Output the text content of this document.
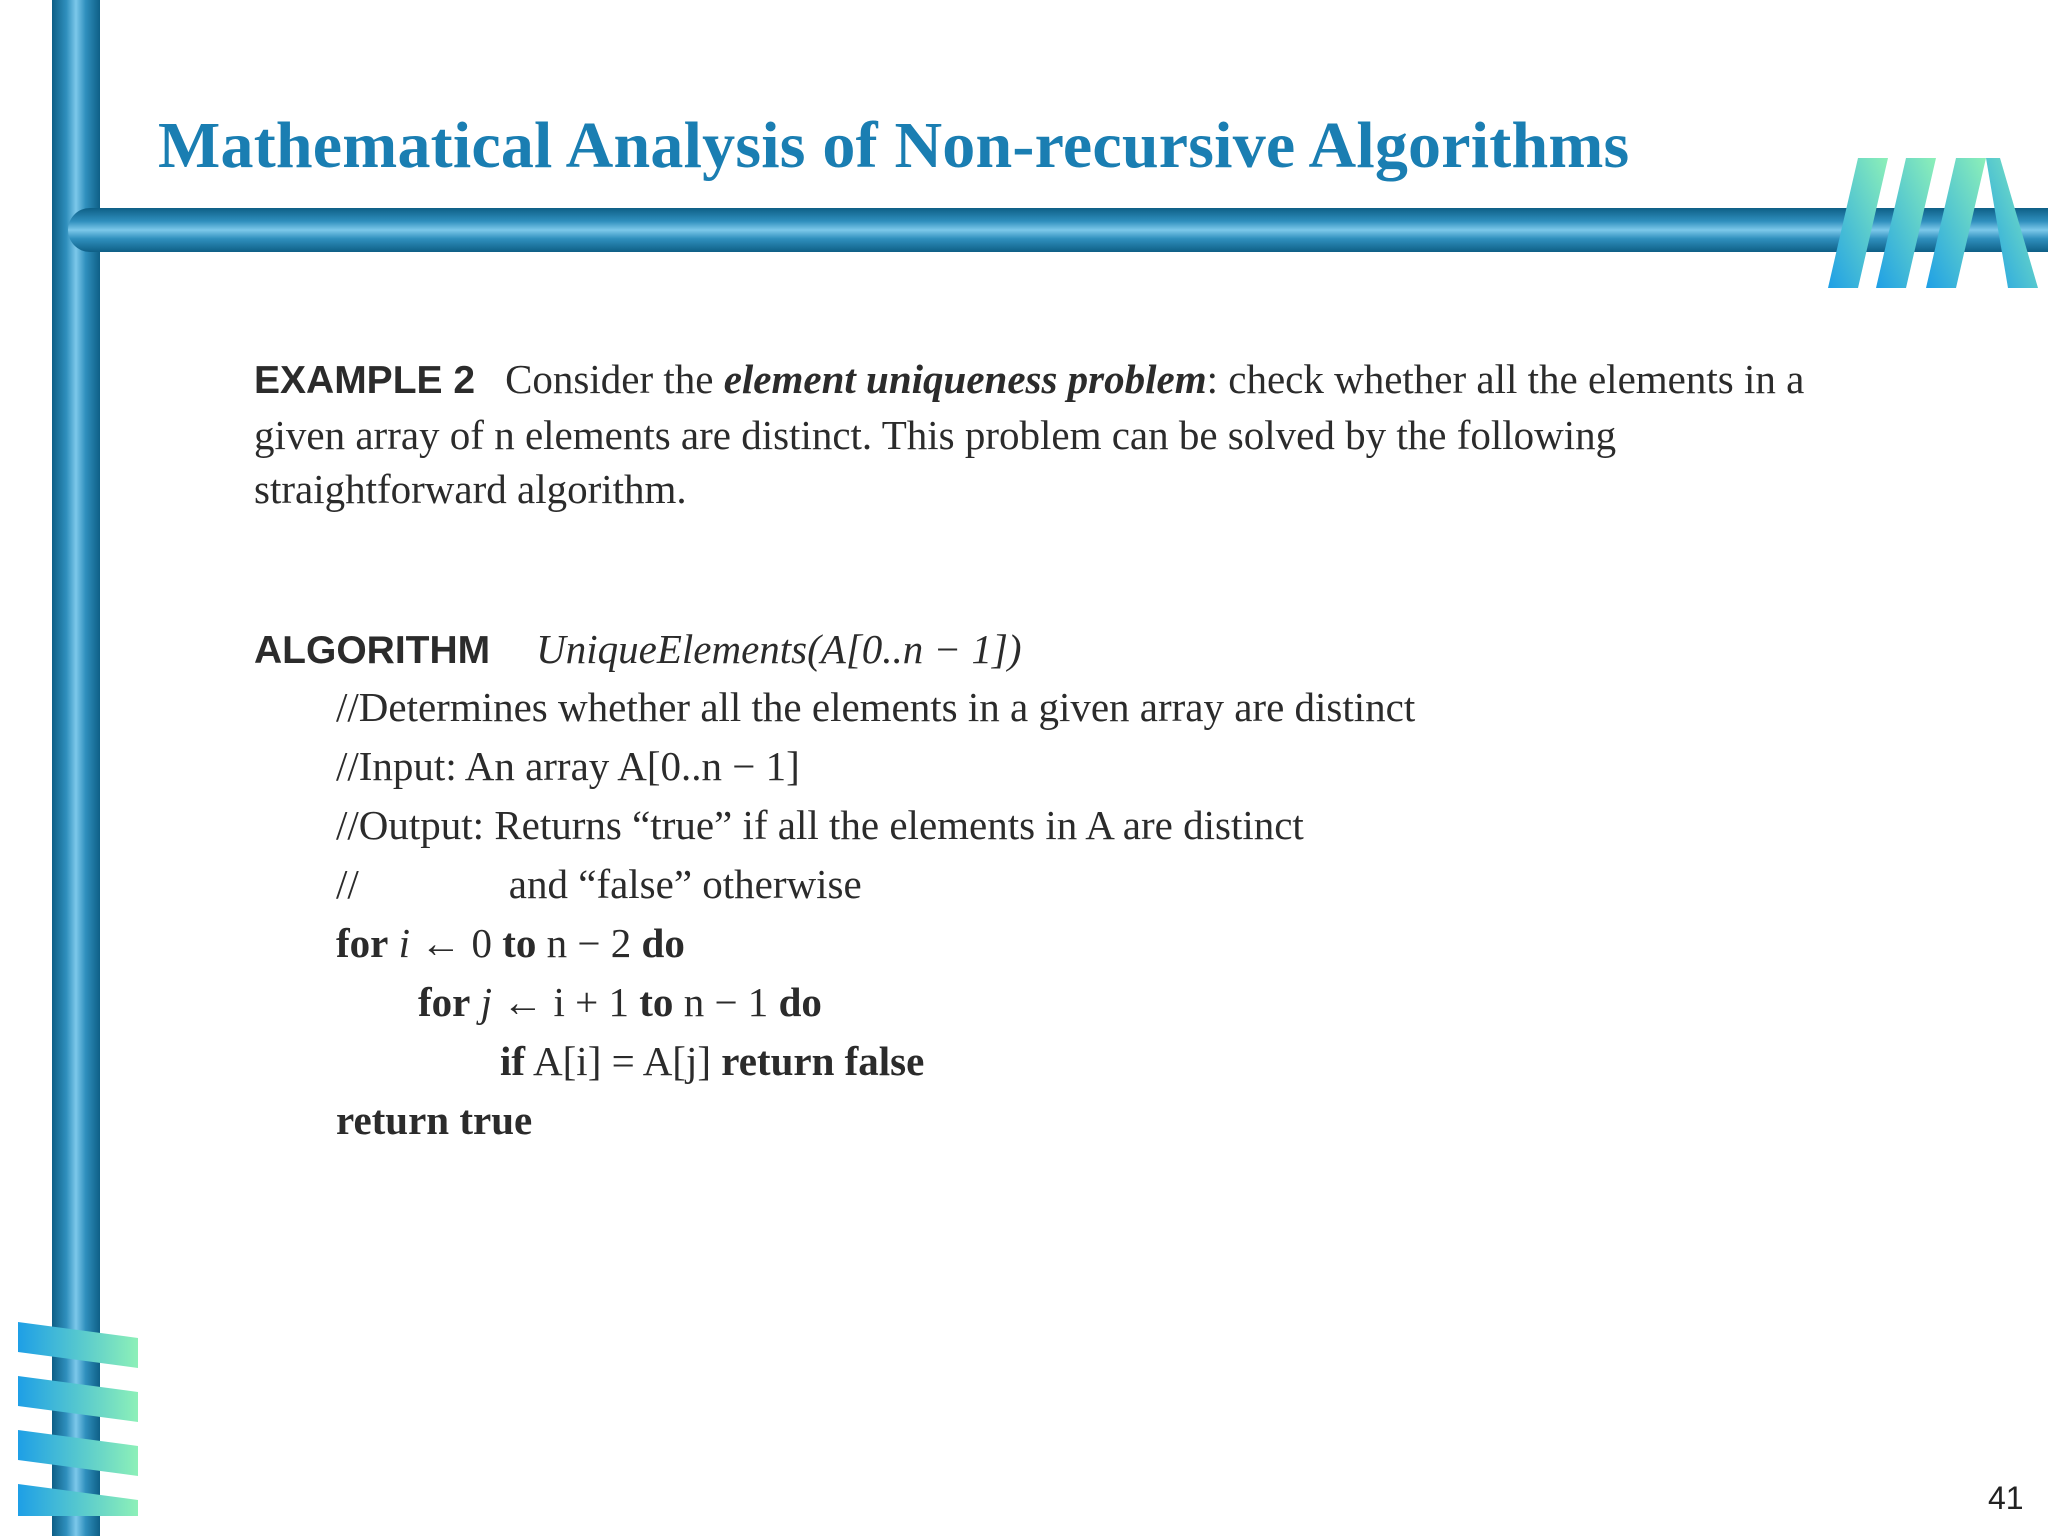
Mathematical Analysis of Non-recursive Algorithms

EXAMPLE 2 Consider the element uniqueness problem: check whether all the elements in a given array of n elements are distinct. This problem can be solved by the following straightforward algorithm.

ALGORITHM UniqueElements(A[0..n − 1])
//Determines whether all the elements in a given array are distinct
//Input: An array A[0..n − 1]
//Output: Returns “true” if all the elements in A are distinct
//	and “false” otherwise
for i ← 0 to n − 2 do
for j ← i + 1 to n − 1 do
if A[i] = A[j] return false
return true
41
